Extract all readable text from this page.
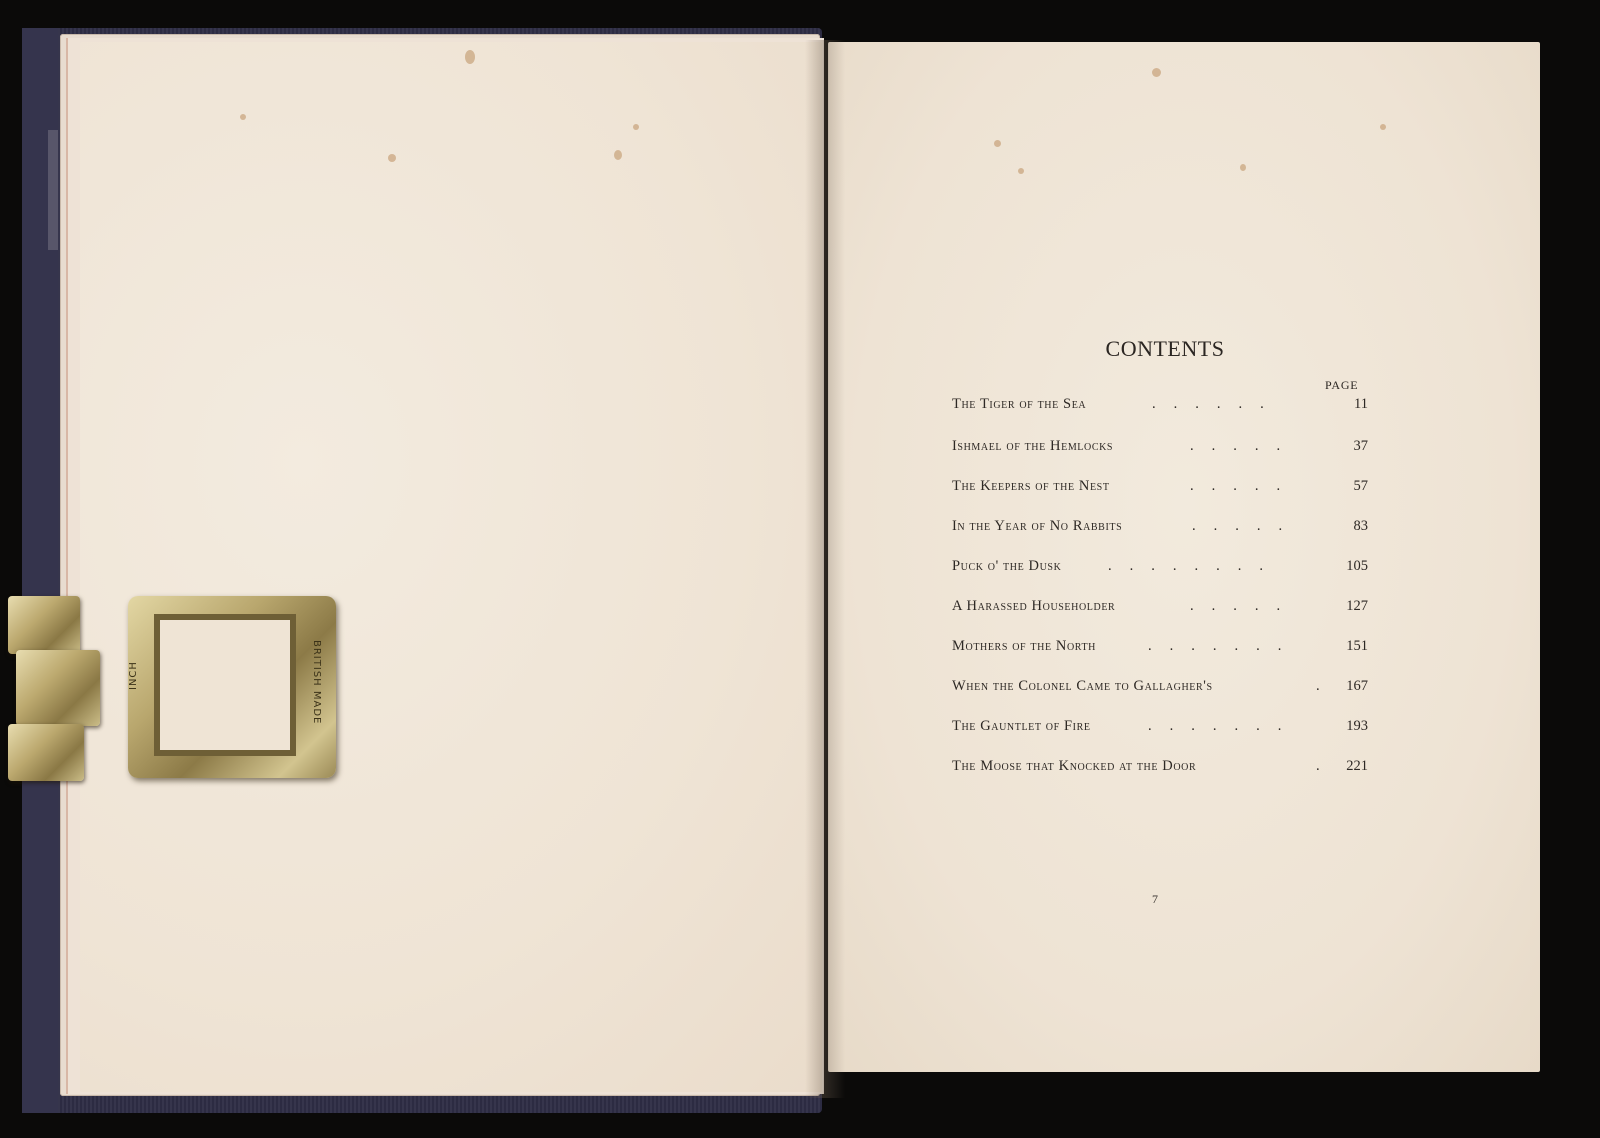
INCH	BRITISH MADE
CONTENTS
PAGE
The Tiger of the Sea	......	11
Ishmael of the Hemlocks	.....	37
The Keepers of the Nest	.....	57
In the Year of No Rabbits	.....	83
Puck o' the Dusk	........	105
A Harassed Householder	.....	127
Mothers of the North	.......	151
When the Colonel Came to Gallagher's	. 167
The Gauntlet of Fire	.......	193
The Moose that Knocked at the Door	. 221
7
